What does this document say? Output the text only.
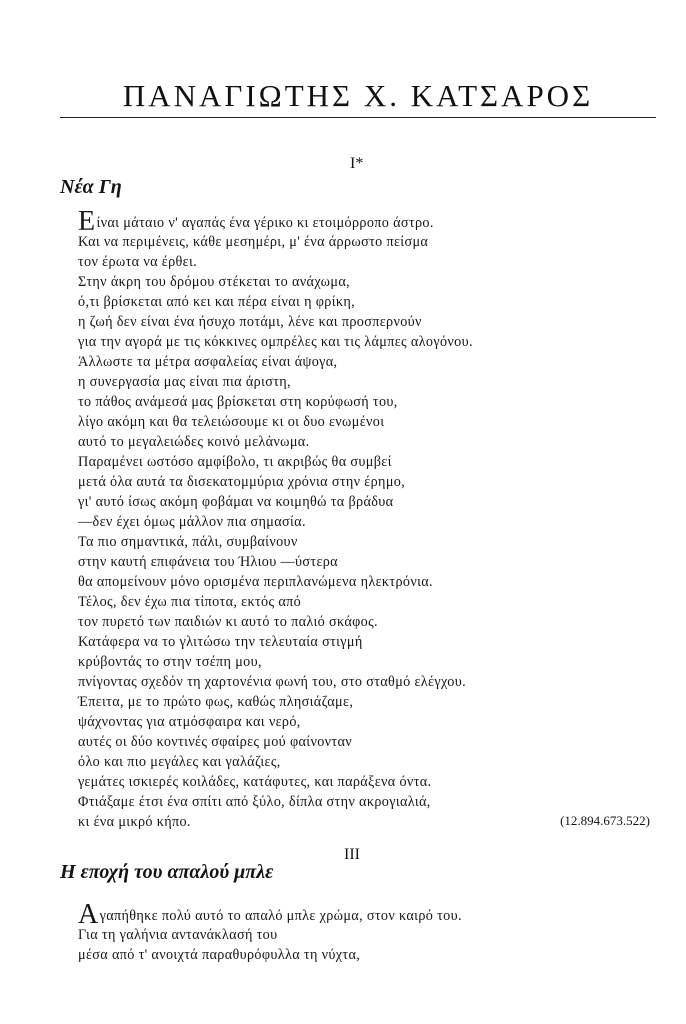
ΠΑΝΑΓΙΩΤΗΣ Χ. ΚΑΤΣΑΡΟΣ
I*
Νέα Γη
Είναι μάταιο ν' αγαπάς ένα γέρικο κι ετοιμόρροπο άστρο.
Και να περιμένεις, κάθε μεσημέρι, μ' ένα άρρωστο πείσμα
τον έρωτα να έρθει.
Στην άκρη του δρόμου στέκεται το ανάχωμα,
ό,τι βρίσκεται από κει και πέρα είναι η φρίκη,
η ζωή δεν είναι ένα ήσυχο ποτάμι, λένε και προσπερνούν
για την αγορά με τις κόκκινες ομπρέλες και τις λάμπες αλογόνου.
Άλλωστε τα μέτρα ασφαλείας είναι άψογα,
η συνεργασία μας είναι πια άριστη,
το πάθος ανάμεσά μας βρίσκεται στη κορύφωσή του,
λίγο ακόμη και θα τελειώσουμε κι οι δυο ενωμένοι
αυτό το μεγαλειώδες κοινό μελάνωμα.
Παραμένει ωστόσο αμφίβολο, τι ακριβώς θα συμβεί
μετά όλα αυτά τα δισεκατομμύρια χρόνια στην έρημο,
γι' αυτό ίσως ακόμη φοβάμαι να κοιμηθώ τα βράδυα
—δεν έχει όμως μάλλον πια σημασία.
Τα πιο σημαντικά, πάλι, συμβαίνουν
στην καυτή επιφάνεια του Ήλιου —ύστερα
θα απομείνουν μόνο ορισμένα περιπλανώμενα ηλεκτρόνια.
Τέλος, δεν έχω πια τίποτα, εκτός από
τον πυρετό των παιδιών κι αυτό το παλιό σκάφος.
Κατάφερα να το γλιτώσω την τελευταία στιγμή
κρύβοντάς το στην τσέπη μου,
πνίγοντας σχεδόν τη χαρτονένια φωνή του, στο σταθμό ελέγχου.
Έπειτα, με το πρώτο φως, καθώς πλησιάζαμε,
ψάχνοντας για ατμόσφαιρα και νερό,
αυτές οι δύο κοντινές σφαίρες μού φαίνονταν
όλο και πιο μεγάλες και γαλάζιες,
γεμάτες ισκιερές κοιλάδες, κατάφυτες, και παράξενα όντα.
Φτιάξαμε έτσι ένα σπίτι από ξύλο, δίπλα στην ακρογιαλιά,
κι ένα μικρό κήπο.	(12.894.673.522)
III
Η εποχή του απαλού μπλε
Αγαπήθηκε πολύ αυτό το απαλό μπλε χρώμα, στον καιρό του.
Για τη γαλήνια αντανάκλασή του
μέσα από τ' ανοιχτά παραθυρόφυλλα τη νύχτα,
